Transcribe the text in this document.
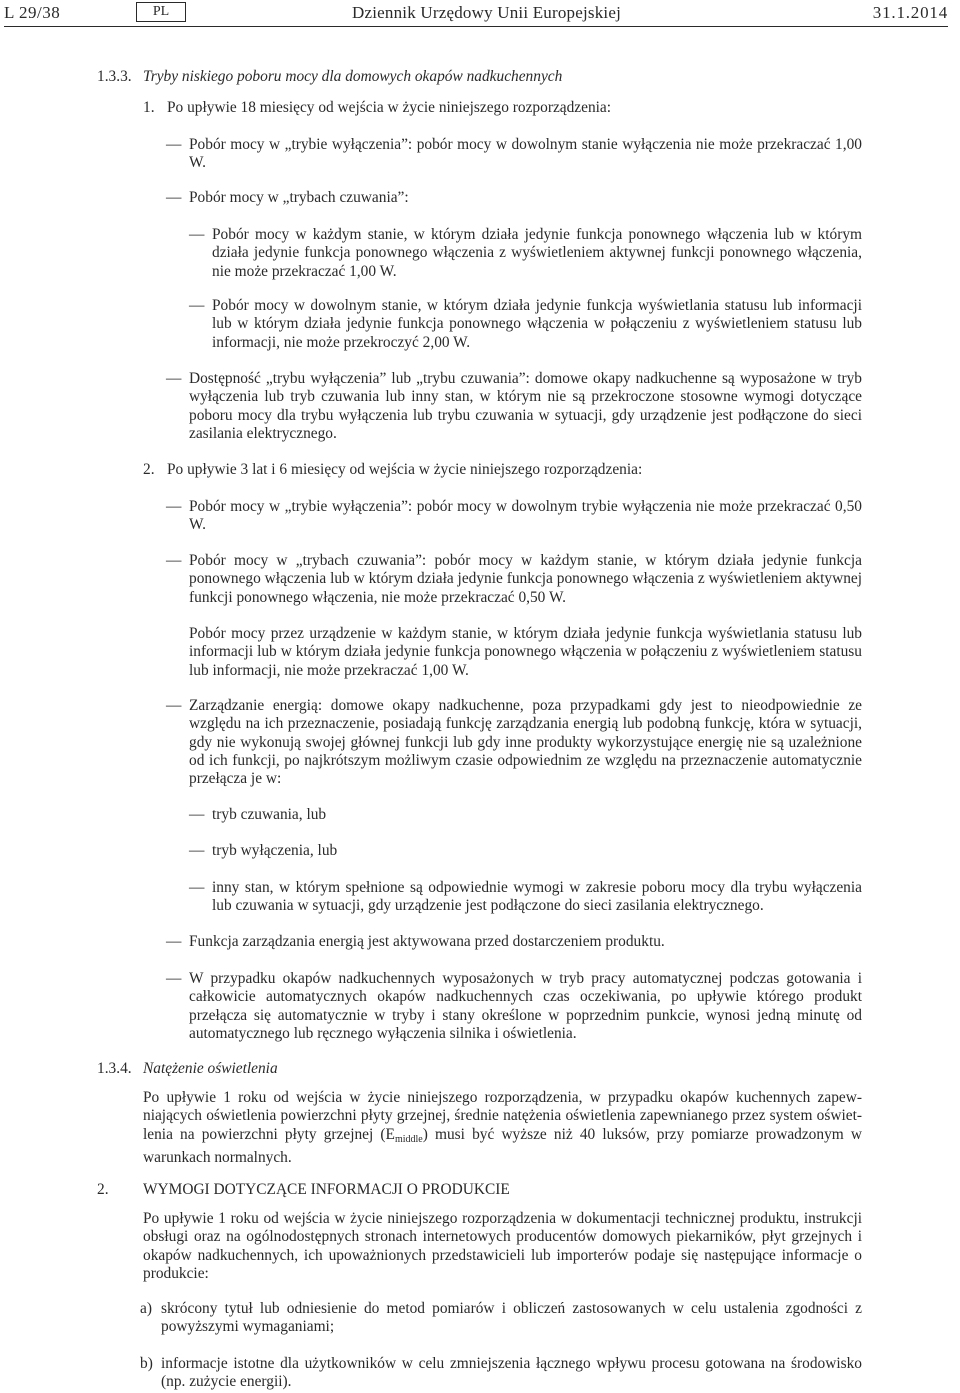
L 29/38	PL	Dziennik Urzędowy Unii Europejskiej	31.1.2014
1.3.3. Tryby niskiego poboru mocy dla domowych okapów nadkuchennych
1. Po upływie 18 miesięcy od wejścia w życie niniejszego rozporządzenia:
— Pobór mocy w „trybie wyłączenia”: pobór mocy w dowolnym stanie wyłączenia nie może przekraczać 1,00 W.

— Pobór mocy w „trybach czuwania”:

— Pobór mocy w każdym stanie, w którym działa jedynie funkcja ponownego włączenia lub w którym działa jedynie funkcja ponownego włączenia z wyświetleniem aktywnej funkcji ponownego włączenia, nie może przekraczać 1,00 W.

— Pobór mocy w dowolnym stanie, w którym działa jedynie funkcja wyświetlania statusu lub informacji lub w którym działa jedynie funkcja ponownego włączenia w połączeniu z wyświetleniem statusu lub informacji, nie może przekroczyć 2,00 W.

— Dostępność „trybu wyłączenia” lub „trybu czuwania”: domowe okapy nadkuchenne są wyposażone w tryb wyłączenia lub tryb czuwania lub inny stan, w którym nie są przekroczone stosowne wymogi dotyczące poboru mocy dla trybu wyłączenia lub trybu czuwania w sytuacji, gdy urządzenie jest podłączone do sieci zasilania elektrycznego.

2. Po upływie 3 lat i 6 miesięcy od wejścia w życie niniejszego rozporządzenia:
— Pobór mocy w „trybie wyłączenia”: pobór mocy w dowolnym trybie wyłączenia nie może przekraczać 0,50 W.

— Pobór mocy w „trybach czuwania”: pobór mocy w każdym stanie, w którym działa jedynie funkcja ponownego włączenia lub w którym działa jedynie funkcja ponownego włączenia z wyświetleniem aktywnej funkcji ponownego włączenia, nie może przekraczać 0,50 W.

Pobór mocy przez urządzenie w każdym stanie, w którym działa jedynie funkcja wyświetlania statusu lub informacji lub w którym działa jedynie funkcja ponownego włączenia w połączeniu z wyświetleniem statusu lub informacji, nie może przekraczać 1,00 W.

— Zarządzanie energią: domowe okapy nadkuchenne, poza przypadkami gdy jest to nieodpowiednie ze względu na ich przeznaczenie, posiadają funkcję zarządzania energią lub podobną funkcję, która w sytuacji, gdy nie wykonują swojej głównej funkcji lub gdy inne produkty wykorzystujące energię nie są uzależnione od ich funkcji, po najkrótszym możliwym czasie odpowiednim ze względu na przeznaczenie automatycznie przełącza je w:

— tryb czuwania, lub

— tryb wyłączenia, lub

— inny stan, w którym spełnione są odpowiednie wymogi w zakresie poboru mocy dla trybu wyłączenia lub czuwania w sytuacji, gdy urządzenie jest podłączone do sieci zasilania elektrycznego.

— Funkcja zarządzania energią jest aktywowana przed dostarczeniem produktu.

— W przypadku okapów nadkuchennych wyposażonych w tryb pracy automatycznej podczas gotowania i całkowicie automatycznych okapów nadkuchennych czas oczekiwania, po upływie którego produkt przełącza się automatycznie w tryby i stany określone w poprzednim punkcie, wynosi jedną minutę od automatycznego lub ręcznego wyłączenia silnika i oświetlenia.

1.3.4. Natężenie oświetlenia

Po upływie 1 roku od wejścia w życie niniejszego rozporządzenia, w przypadku okapów kuchennych zapewniających oświetlenia powierzchni płyty grzejnej, średnie natężenia oświetlenia zapewnianego przez system oświetlenia na powierzchni płyty grzejnej $(E_{middle})$ musi być wyższe niż 40 luksów, przy pomiarze prowadzonym w warunkach normalnych.

2. WYMOGI DOTYCZĄCE INFORMACJI O PRODUKCIE

Po upływie 1 roku od wejścia w życie niniejszego rozporządzenia w dokumentacji technicznej produktu, instrukcji obsługi oraz na ogólnodostępnych stronach internetowych producentów domowych piekarników, płyt grzejnych i okapów nadkuchennych, ich upoważnionych przedstawicieli lub importerów podaje się następujące informacje o produkcie:

a) skrócony tytuł lub odniesienie do metod pomiarów i obliczeń zastosowanych w celu ustalenia zgodności z powyższymi wymaganiami;

b) informacje istotne dla użytkowników w celu zmniejszenia łącznego wpływu procesu gotowana na środowisko (np. zużycie energii).
